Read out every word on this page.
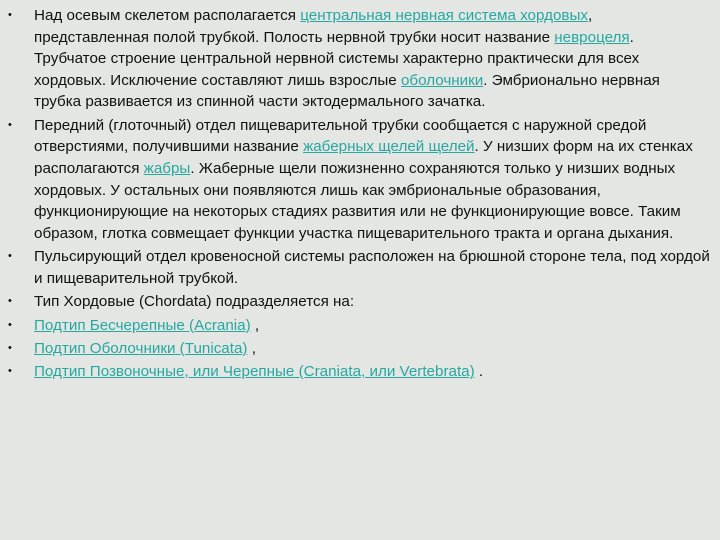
• Над осевым скелетом располагается центральная нервная система хордовых, представленная полой трубкой. Полость нервной трубки носит название невроцеля. Трубчатое строение центральной нервной системы характерно практически для всех хордовых. Исключение составляют лишь взрослые оболочники. Эмбрионально нервная трубка развивается из спинной части эктодермального зачатка.
• Передний (глоточный) отдел пищеварительной трубки сообщается с наружной средой отверстиями, получившими название жаберных щелей щелей. У низших форм на их стенках располагаются жабры. Жаберные щели пожизненно сохраняются только у низших водных хордовых. У остальных они появляются лишь как эмбриональные образования, функционирующие на некоторых стадиях развития или не функционирующие вовсе. Таким образом, глотка совмещает функции участка пищеварительного тракта и органа дыхания.
• Пульсирующий отдел кровеносной системы расположен на брюшной стороне тела, под хордой и пищеварительной трубкой.
• Тип Хордовые (Chordata) подразделяется на:
• Подтип Бесчерепные (Acrania) ,
• Подтип Оболочники (Tunicata) ,
• Подтип Позвоночные, или Черепные (Craniata, или Vertebrata) .
